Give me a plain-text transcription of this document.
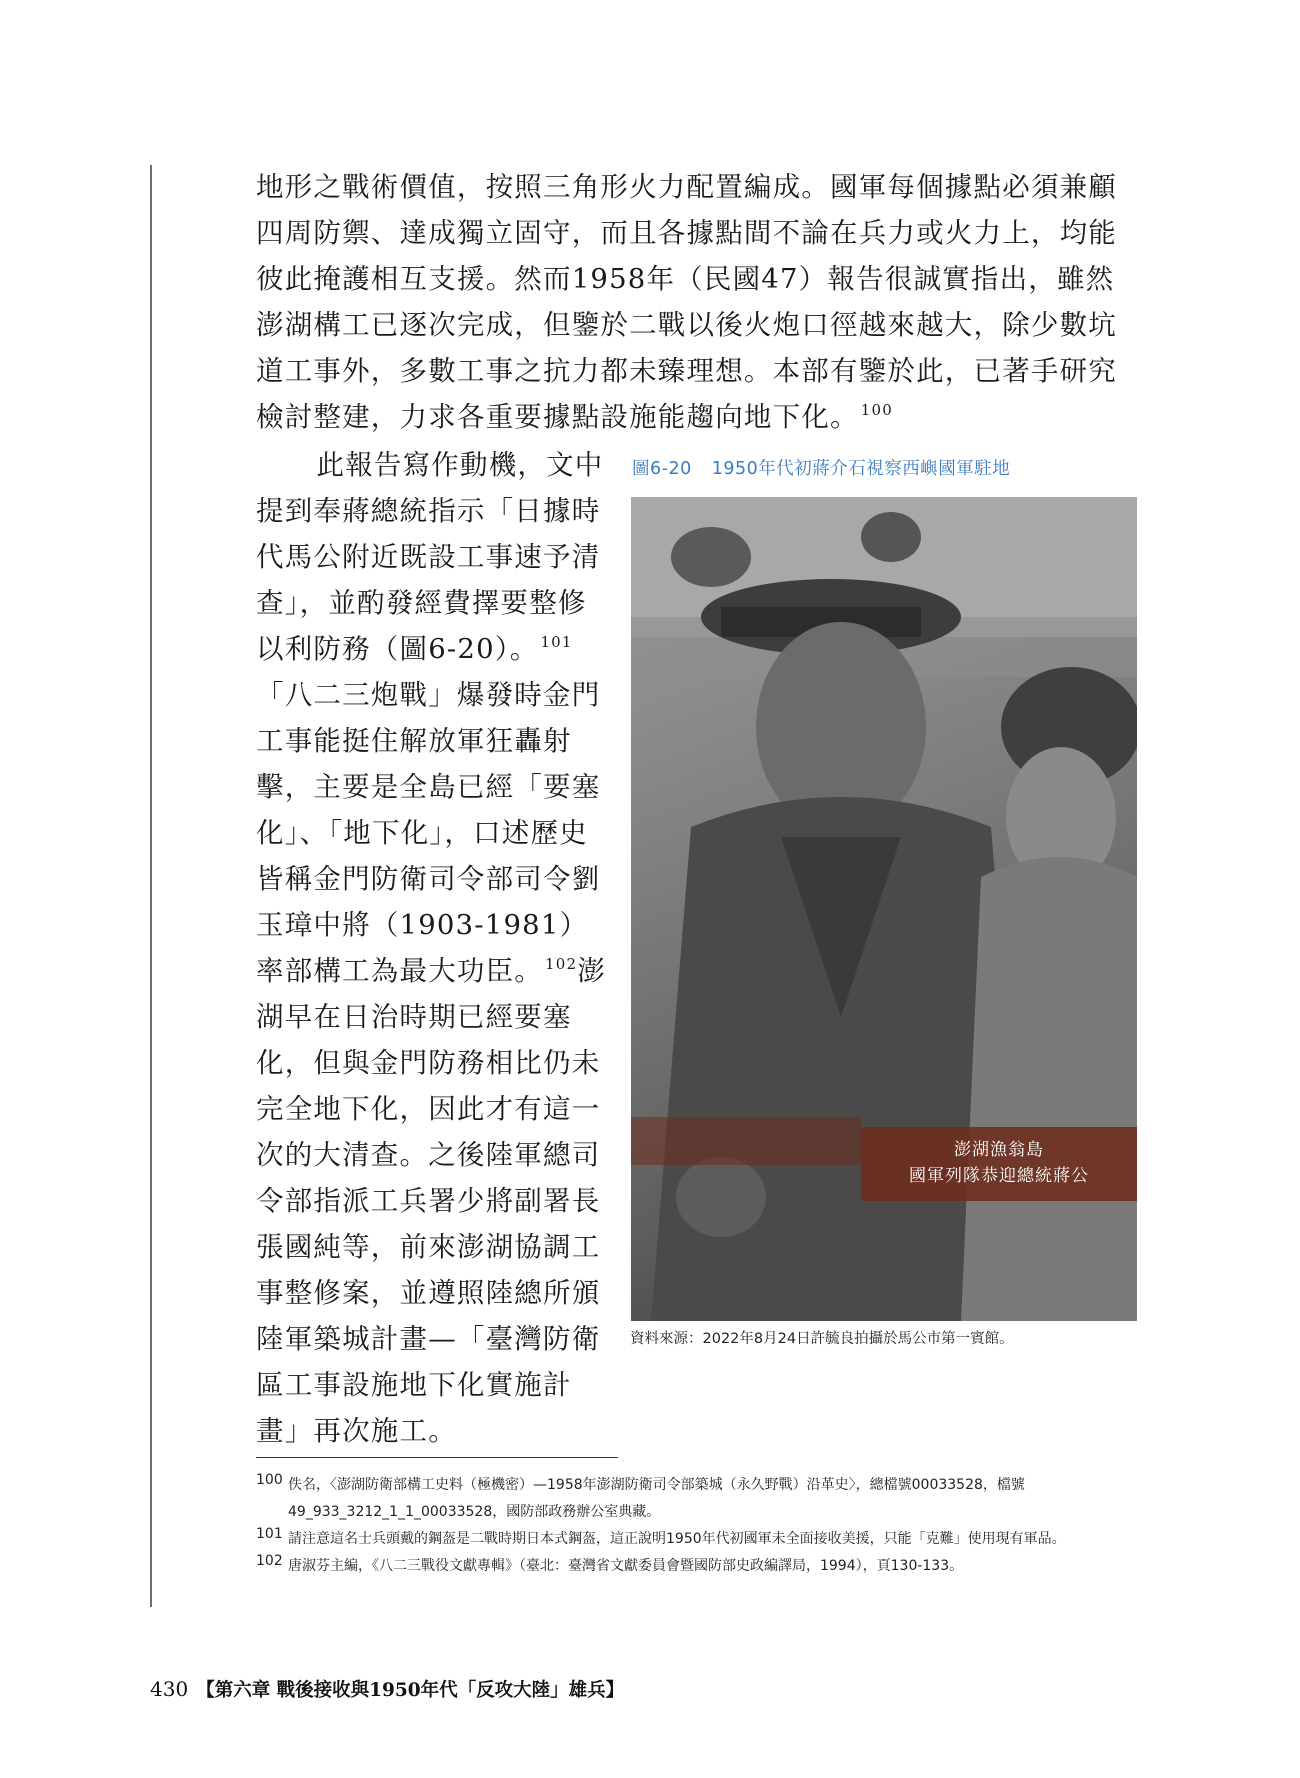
地形之戰術價值，按照三角形火力配置編成。國軍每個據點必須兼顧四周防禦、達成獨立固守，而且各據點間不論在兵力或火力上，均能彼此掩護相互支援。然而1958年（民國47）報告很誠實指出，雖然澎湖構工已逐次完成，但鑒於二戰以後火炮口徑越來越大，除少數坑道工事外，多數工事之抗力都未臻理想。本部有鑒於此，已著手研究檢討整建，力求各重要據點設施能趨向地下化。 $^{100}$

此報告寫作動機，文中提到奉蔣總統指示「日據時代馬公附近既設工事速予清查」，並酌發經費擇要整修以利防務（圖6-20）。 $^{101}$「八二三炮戰」爆發時金門工事能挺住解放軍狂轟射擊，主要是全島已經「要塞化」、「地下化」，口述歷史皆稱金門防衛司令部司令劉玉璋中將（1903-1981）率部構工為最大功臣。 $^{102}$澎湖早在日治時期已經要塞化，但與金門防務相比仍未完全地下化，因此才有這一次的大清查。之後陸軍總司令部指派工兵署少將副署長張國純等，前來澎湖協調工事整修案，並遵照陸總所頒陸軍築城計畫—「臺灣防衛區工事設施地下化實施計畫」再次施工。

圖6-20 1950年代初蔣介石視察西嶼國軍駐地
澎湖漁翁島
國軍列隊恭迎總統蔣公
資料來源：2022年8月24日許毓良拍攝於馬公市第一賓館。
100 佚名，〈澎湖防衛部構工史料（極機密）—1958年澎湖防衛司令部築城（永久野戰）沿革史〉，總檔號00033528，檔號49_933_3212_1_1_00033528，國防部政務辦公室典藏。
101 請注意這名士兵頭戴的鋼盔是二戰時期日本式鋼盔，這正說明1950年代初國軍未全面接收美援，只能「克難」使用現有軍品。
102 唐淑芬主編，《八二三戰役文獻專輯》（臺北：臺灣省文獻委員會暨國防部史政編譯局，1994），頁130-133。
430 【第六章 戰後接收與1950年代「反攻大陸」雄兵】
